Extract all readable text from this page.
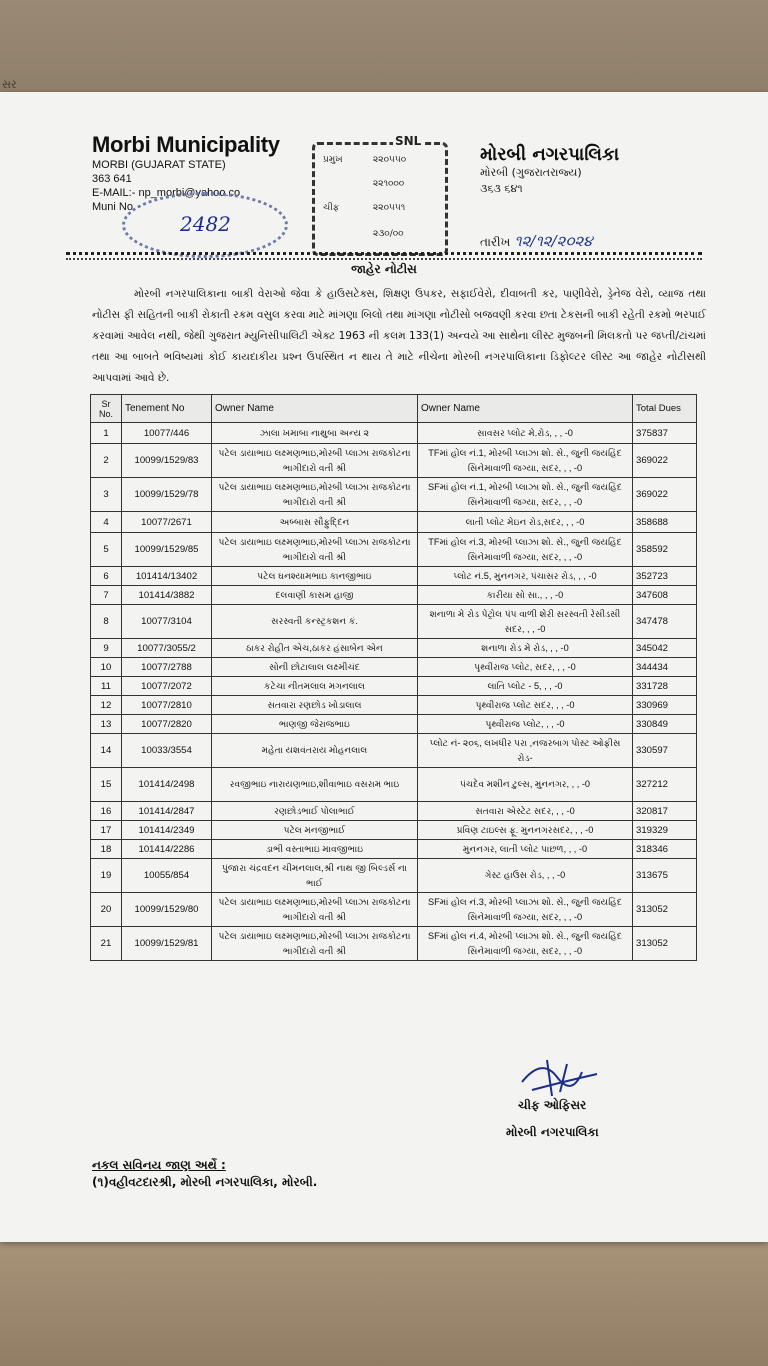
સર
Morbi Municipality
MORBI (GUJARAT STATE)
363 641
E-MAIL:- np_morbi@yahoo.co
Muni No.
2482
પ્રમુખ	૨૨૦૫૫૦
૨૨૧૦૦૦
ચીફ	૨૨૦૫૫૧
૨૩૦/૦૦
SNL
મોરબી નગરપાલિકા
મોરબી (ગુજરાતરાજ્ય)
૩૬૩ ૬૪૧
તારીખ ૧૨/૧૨/૨૦૨૪
જાહેર નોટીસ
મોરબી નગરપાલિકાના બાકી વેરાઓ જેવા કે હાઉસટેક્સ, શિક્ષણ ઉપકર, સફાઈવેરો, દીવાબતી કર, પાણીવેરો, ડ્રેનેજ વેરો, વ્યાજ તથા નોટીસ ફી સહિતની બાકી રોકાતી રકમ વસુલ કરવા માટે માંગણા બિલો તથા માંગણા નોટીસો બજવણી કરવા છતા ટેકસની બાકી રહેતી રકમો ભરપાઈ કરવામાં આવેલ નથી, જેથી ગુજરાત મ્યુનિસીપાલિટી એક્ટ 1963 ની કલમ 133(1) અન્વયે આ સાથેના લીસ્ટ મુજબની મિલકતો પર જપ્તી/ટાંચમાં તથા આ બાબતે ભવિષ્યમાં કોઈ કાયદાકીય પ્રશ્ન ઉપસ્થિત ન થાય તે માટે નીચેના મોરબી નગરપાલિકાના ડિફોલ્ટર લીસ્ટ આ જાહેર નોટીસથી આપવામાં આવે છે.
Sr No.	Tenement No	Owner Name	Owner Name	Total Dues
1	10077/446	ઝાલા ખમાબા નાથુબા અન્ય ૨	સાવસર પ્લોટ મે.રોડ, , , -0	375837
2	10099/1529/83	પટેલ ડાયાભાઇ લક્ષ્મણભાઇ,મોરબી પ્લાઝા રાજકોટના ભાગીદારો વતી શ્રી	TFમાં હોલ નં.1, મોરબી પ્લાઝા શો. સે., જુની જયહિંદ સિનેમાવાળી જગ્યા, સદર, , , -0	369022
3	10099/1529/78	પટેલ ડાયાભાઇ લક્ષ્મણભાઇ,મોરબી પ્લાઝા રાજકોટના ભાગીદારો વતી શ્રી	SFમાં હોલ નં.1, મોરબી પ્લાઝા શો. સે., જુની જયહિંદ સિનેમાવાળી જગ્યા, સદર, , , -0	369022
4	10077/2671	અબ્બાસ સૌફુદ્દિન	લાતી પ્લોટ મેઇન રોડ,સદર, , , -0	358688
5	10099/1529/85	પટેલ ડાયાભાઇ લક્ષ્મણભાઇ,મોરબી પ્લાઝા રાજકોટના ભાગીદારો વતી શ્રી	TFમાં હોલ નં.3, મોરબી પ્લાઝા શો. સે., જુની જયહિંદ સિનેમાવાળી જગ્યા, સદર, , , -0	358592
6	101414/13402	પટેલ ઘનશ્યામભાઇ કાનજીભાઇ	પ્લોટ નં.5, મુનનગર, પંચાસર રોડ, , , -0	352723
7	101414/3882	દલવાણી કાસમ હાજી	કારીયા સો સા., , , -0	347608
8	10077/3104	સરસ્વતી કન્સ્ટ્રકશન કં.	શનાળા મે રોડ પેટ્રોલ પંપ વાળી શેરી સરસ્વતી રેસીડસી સદર, , , -0	347478
9	10077/3055/2	ઠાકર રોહીત એચ,ઠાકર હંસાબેન એન	શનાળા રોડ મે રોડ, , , -0	345042
10	10077/2788	સોની છોટાલાલ લક્ષ્મીચંદ	પૃથ્વીરાજ પ્લોટ, સદર, , , -0	344434
11	10077/2072	કટેચા નીતમલાલ મગનલાલ	લાતિ પ્લોટ - 5, , , -0	331728
12	10077/2810	સતવારા રણછોડ ખોડાલાલ	પૃથ્વીરાજ પ્લોટ સદર, , , -0	330969
13	10077/2820	ભાણજી જેરાજભાઇ	પૃથ્વીરાજ પ્લોટ, , , -0	330849
14	10033/3554	મહેતા યશવંતરાય મોહનલાલ	પ્લોટ નં- ૨૦૬, લખધીર પરા ,નજરબાગ પોસ્ટ ઓફીસ રોડ-	330597
15	101414/2498	રવજીભાઇ નારાયણભાઇ,શીવાભાઇ વસરામ ભાઇ	પંચદેવ મશીન ટુલ્સ, મુનનગર, , , -0	327212
16	101414/2847	રણછોડભાઈ પોલાભાઈ	સતવારા એસ્ટેટ સદર, , , -0	320817
17	101414/2349	પટેલ મનજીભાઈ	પ્રવિણ ટાઇલ્સ ફૂ. મુનનગરસદર, , , -0	319329
18	101414/2286	ડાભી વસ્તાભાઇ માવજીભાઇ	મુનનગર, લાતી પ્લોટ પાછળ, , , -0	318346
19	10055/854	પુંજારા ચંદ્રવદન ચીમનલાલ,શ્રી નાથ જી બિલ્ડર્સ ના ભાઈ	ગેસ્ટ હાઉસ રોડ, , , -0	313675
20	10099/1529/80	પટેલ ડાયાભાઇ લક્ષ્મણભાઇ,મોરબી પ્લાઝા રાજકોટના ભાગીદારો વતી શ્રી	SFમાં હોલ નં.3, મોરબી પ્લાઝા શો. સે., જુની જયહિંદ સિનેમાવાળી જગ્યા, સદર, , , -0	313052
21	10099/1529/81	પટેલ ડાયાભાઇ લક્ષ્મણભાઇ,મોરબી પ્લાઝા રાજકોટના ભાગીદારો વતી શ્રી	SFમાં હોલ નં.4, મોરબી પ્લાઝા શો. સે., જુની જયહિંદ સિનેમાવાળી જગ્યા, સદર, , , -0	313052
ચીફ ઓફિસર
મોરબી નગરપાલિકા
નકલ સવિનય જાણ અર્થે :
(૧)વહીવટદારશ્રી, મોરબી નગરપાલિકા, મોરબી.
